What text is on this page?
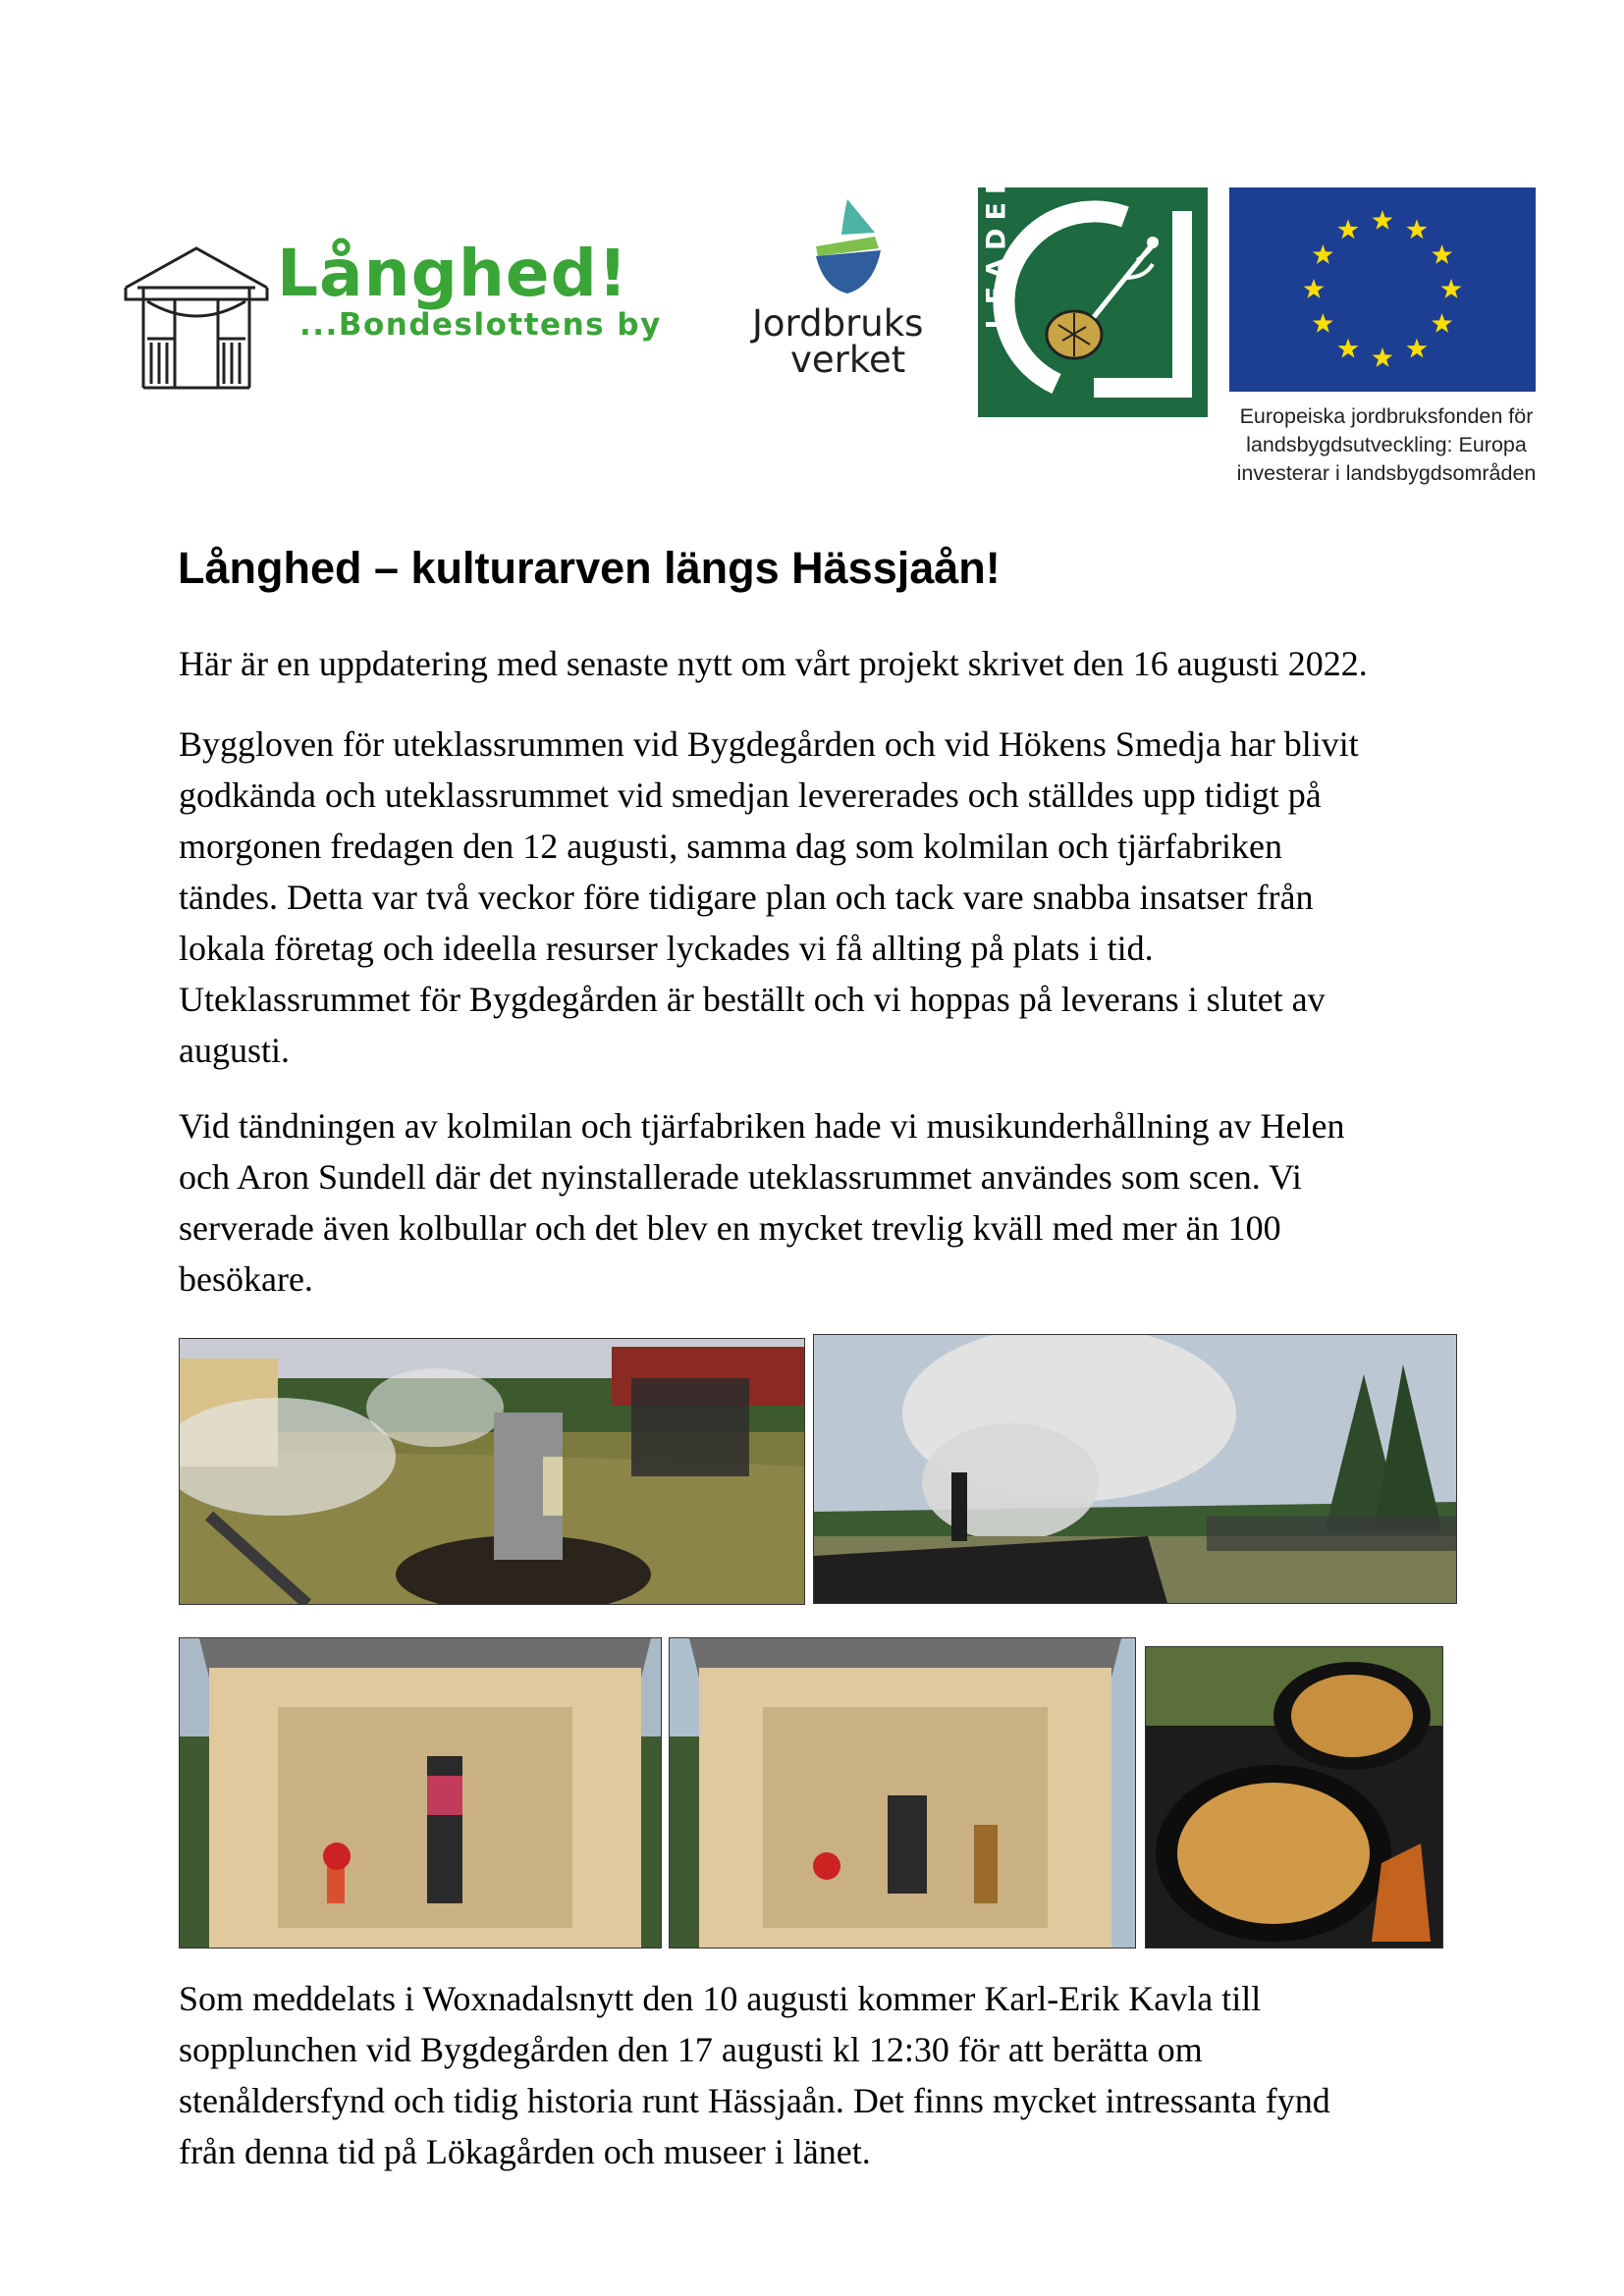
Långhed!
...Bondeslottens by Jordbruks
verket
Europeiska jordbruksfonden för
landsbygdsutveckling: Europa
investerar i landsbygdsområden
Långhed – kulturarven längs Hässjaån!
Här är en uppdatering med senaste nytt om vårt projekt skrivet den 16 augusti 2022.
Byggloven för uteklassrummen vid Bygdegården och vid Hökens Smedja har blivit
godkända och uteklassrummet vid smedjan levererades och ställdes upp tidigt på
morgonen fredagen den 12 augusti, samma dag som kolmilan och tjärfabriken
tändes. Detta var två veckor före tidigare plan och tack vare snabba insatser från
lokala företag och ideella resurser lyckades vi få allting på plats i tid.
Uteklassrummet för Bygdegården är beställt och vi hoppas på leverans i slutet av
augusti.
Vid tändningen av kolmilan och tjärfabriken hade vi musikunderhållning av Helen
och Aron Sundell där det nyinstallerade uteklassrummet användes som scen. Vi
serverade även kolbullar och det blev en mycket trevlig kväll med mer än 100
besökare.
Som meddelats i Woxnadalsnytt den 10 augusti kommer Karl-Erik Kavla till
sopplunchen vid Bygdegården den 17 augusti kl 12:30 för att berätta om
stenåldersfynd och tidig historia runt Hässjaån. Det finns mycket intressanta fynd
från denna tid på Lökagården och museer i länet.
